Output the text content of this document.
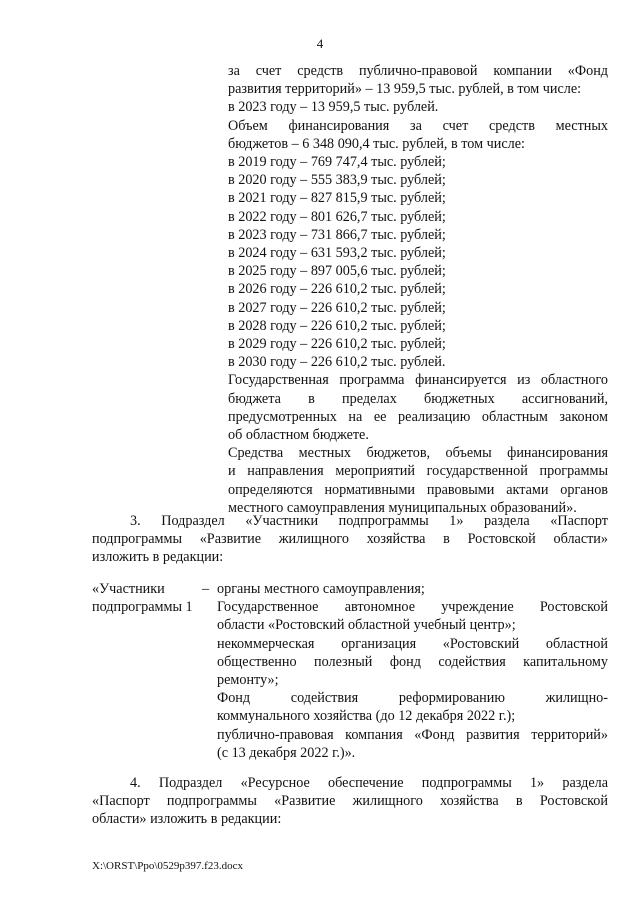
4
за счет средств публично-правовой компании «Фонд
развития территорий» – 13 959,5 тыс. рублей, в том числе:
в 2023 году – 13 959,5 тыс. рублей.
Объем финансирования за счет средств местных
бюджетов – 6 348 090,4 тыс. рублей, в том числе:
в 2019 году – 769 747,4 тыс. рублей;
в 2020 году – 555 383,9 тыс. рублей;
в 2021 году – 827 815,9 тыс. рублей;
в 2022 году – 801 626,7 тыс. рублей;
в 2023 году – 731 866,7 тыс. рублей;
в 2024 году – 631 593,2 тыс. рублей;
в 2025 году – 897 005,6 тыс. рублей;
в 2026 году – 226 610,2 тыс. рублей;
в 2027 году – 226 610,2 тыс. рублей;
в 2028 году – 226 610,2 тыс. рублей;
в 2029 году – 226 610,2 тыс. рублей;
в 2030 году – 226 610,2 тыс. рублей.
Государственная программа финансируется из областного
бюджета в пределах бюджетных ассигнований,
предусмотренных на ее реализацию областным законом
об областном бюджете.
Средства местных бюджетов, объемы финансирования
и направления мероприятий государственной программы
определяются нормативными правовыми актами органов
местного самоуправления муниципальных образований».
3. Подраздел «Участники подпрограммы 1» раздела «Паспорт
подпрограммы «Развитие жилищного хозяйства в Ростовской области»
изложить в редакции:
«Участники
подпрограммы 1
– органы местного самоуправления;
Государственное автономное учреждение Ростовской
области «Ростовский областной учебный центр»;
некоммерческая организация «Ростовский областной
общественно полезный фонд содействия капитальному
ремонту»;
Фонд содействия реформированию жилищно-
коммунального хозяйства (до 12 декабря 2022 г.);
публично-правовая компания «Фонд развития территорий»
(с 13 декабря 2022 г.)».
4. Подраздел «Ресурсное обеспечение подпрограммы 1» раздела
«Паспорт подпрограммы «Развитие жилищного хозяйства в Ростовской
области» изложить в редакции:
X:\ORST\Ppo\0529p397.f23.docx
